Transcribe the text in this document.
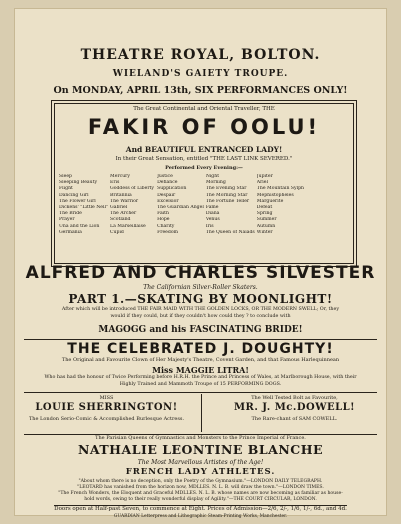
THEATRE ROYAL, BOLTON.
WIELAND'S GAIETY TROUPE.
On MONDAY, APRIL 13th, SIX PERFORMANCES ONLY!
The Great Continental and Oriental Traveller, THE
FAKIR OF OOLU!
And BEAUTIFUL ENTRANCED LADY!
In their Great Sensation, entitled "THE LAST LINK SEVERED."
Performed Every Evening:—
Sleep
Sleeping Beauty
Flight
Dancing Girl
The Flower Girl
Dickens' "Little Nell"
The Bride
Prayer
Una and the Lion
Germania
Mercury
Eris
Goddess of Liberty
Britannia
The Warrior
Gabriel
The Archer
Scotland
La Marseillaise
Cupid
Justice
Defiance
Supplication
Despair
Excelsior
The Guardian Angel
Faith
Hope
Charity
Freedom
Night
Morning
The Evening Star
The Morning Star
The Fortune Teller
Fame
Diana
Venus
Iris
The Queen of Naiads
Jupiter
Ariel
The Mountain Sylph
Mephistopheles
Marguerite
Defeat
Spring
Summer
Autumn
Winter
ALFRED AND CHARLES SILVESTER
The Californian Silver-Roller Skaters.
PART 1.—SKATING BY MOONLIGHT!
After which will be introduced THE FAIR MAID WITH THE GOLDEN LOCKS, OR THE MODERN SWELL; Or, they
would if they could, but if they couldn't how could they ? to conclude with
MAGOGG and his FASCINATING BRIDE!
THE CELEBRATED J. DOUGHTY!
The Original and Favourite Clown of Her Majesty's Theatre, Covent Garden, and that Famous Harlequinnean
Miss MAGGIE LITRA!
Who has had the honour of Twice Performing before H.R.H. the Prince and Princess of Wales, at Marlborough House, with their
Highly Trained and Mammoth Troupe of 15 PERFORMING DOGS.
MISS
LOUIE SHERRINGTON!
The London Serio-Comic & Accomplished Burlesque Actress.
The Well Tested Bolt as Favourite,
MR. J. Mc.DOWELL!
The Rare-chant of SAM COWELL.
The Parisian Queens of Gymnastics and Monsters to the Prince Imperial of France.
NATHALIE LEONTINE BLANCHE
The Most Marvellous Artistes of the Age!
FRENCH LADY ATHLETES.
"About whom there is no deception, only the Poetry of the Gymnasium."—LONDON DAILY TELEGRAPH.
"LEOTARD has vanished from the horizon now, MDLLES. N. L. B. will draw the town."—LONDON TIMES.
"The French Wonders, the Eloquent and Graceful MDLLES. N. L. B. whose names are now becoming as familiar as house-
hold words, owing to their really wonderful display of Agility."—THE COURT CIRCULAR, LONDON.
Doors open at Half-past Seven, to commence at Eight. Prices of Admission—2/6, 2/-, 1/6, 1/-, 6d., and 4d.
GUARDIAN Letterpress and Lithographic Steam-Printing Works, Manchester.
